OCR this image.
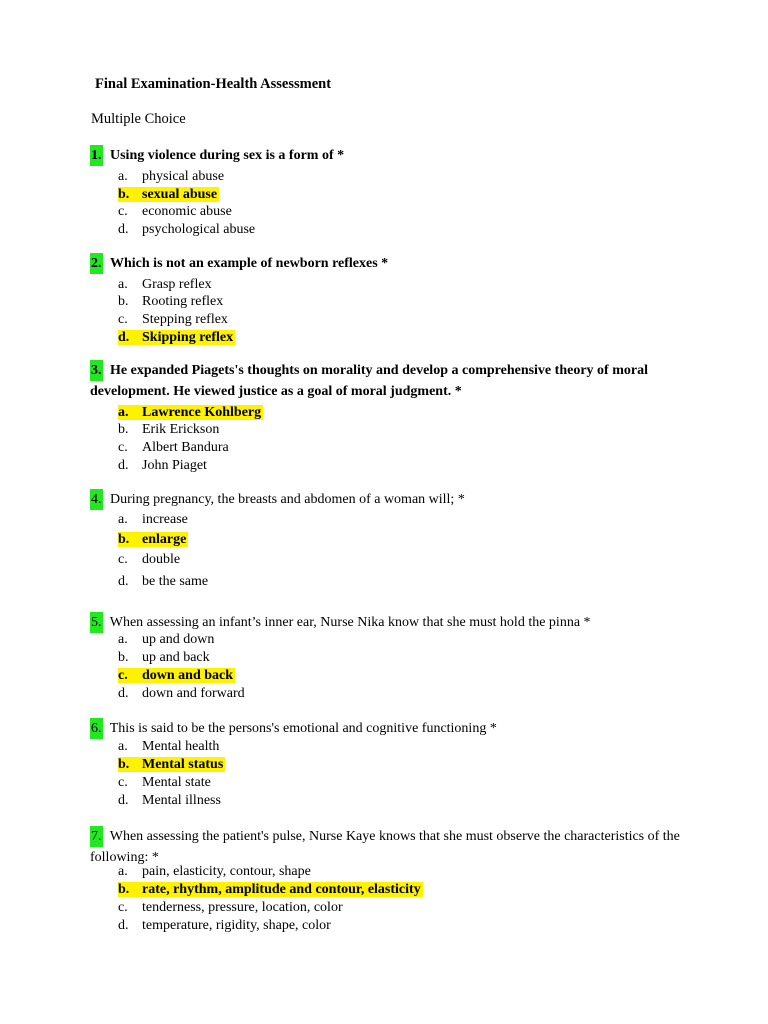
Final Examination-Health Assessment
Multiple Choice
1. Using violence during sex is a form of *
a. physical abuse
b. sexual abuse
c. economic abuse
d. psychological abuse
2. Which is not an example of newborn reflexes *
a. Grasp reflex
b. Rooting reflex
c. Stepping reflex
d. Skipping reflex
3. He expanded Piagets's thoughts on morality and develop a comprehensive theory of moral development. He viewed justice as a goal of moral judgment. *
a. Lawrence Kohlberg
b. Erik Erickson
c. Albert Bandura
d. John Piaget
4. During pregnancy, the breasts and abdomen of a woman will; *
a. increase
b. enlarge
c. double
d. be the same
5. When assessing an infant’s inner ear, Nurse Nika know that she must hold the pinna *
a. up and down
b. up and back
c. down and back
d. down and forward
6. This is said to be the persons's emotional and cognitive functioning *
a. Mental health
b. Mental status
c. Mental state
d. Mental illness
7. When assessing the patient's pulse, Nurse Kaye knows that she must observe the characteristics of the following: *
a. pain, elasticity, contour, shape
b. rate, rhythm, amplitude and contour, elasticity
c. tenderness, pressure, location, color
d. temperature, rigidity, shape, color
